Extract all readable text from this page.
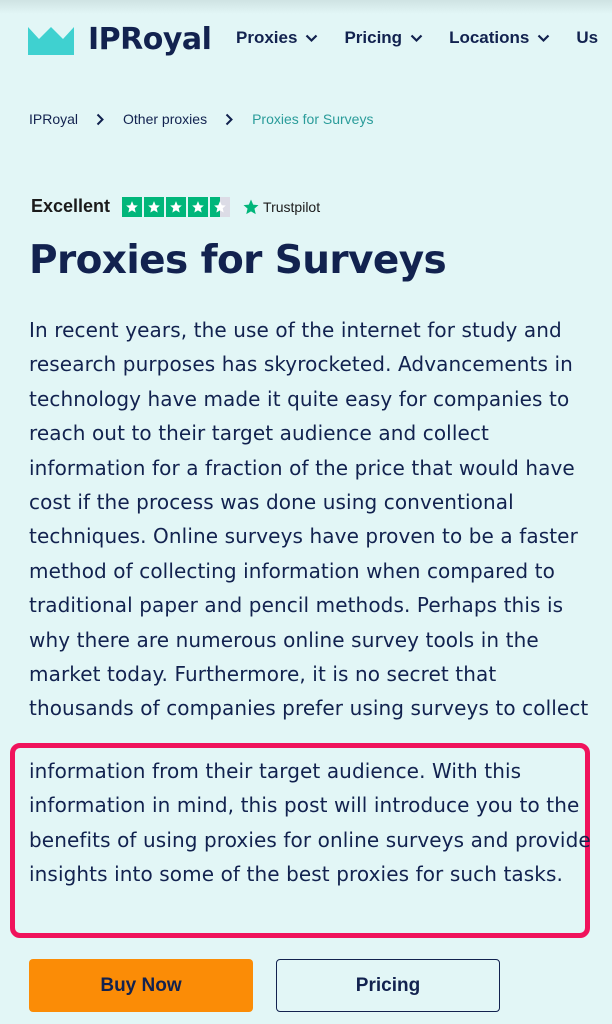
IPRoyal Proxies	Pricing	Locations	Us
IPRoyal	Other proxies	Proxies for Surveys
Excellent	Trustpilot
Proxies for Surveys

In recent years, the use of the internet for study and research purposes has skyrocketed. Advancements in technology have made it quite easy for companies to reach out to their target audience and collect information for a fraction of the price that would have cost if the process was done using conventional techniques. Online surveys have proven to be a faster method of collecting information when compared to traditional paper and pencil methods. Perhaps this is why there are numerous online survey tools in the market today. Furthermore, it is no secret that thousands of companies prefer using surveys to collect

information from their target audience. With this information in mind, this post will introduce you to the benefits of using proxies for online surveys and provide insights into some of the best proxies for such tasks.

Buy Now	Pricing
